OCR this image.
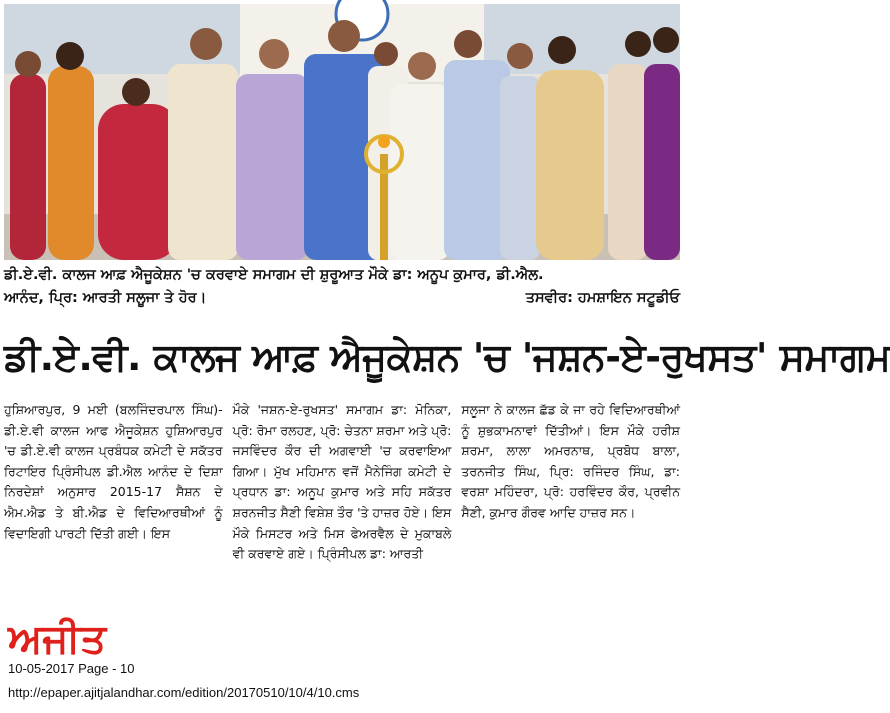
ਡੀ.ਏ.ਵੀ. ਕਾਲਜ ਆਫ਼ ਐਜੂਕੇਸ਼ਨ 'ਚ ਕਰਵਾਏ ਸਮਾਗਮ ਦੀ ਸ਼ੁਰੂਆਤ ਮੌਕੇ ਡਾ: ਅਨੂਪ ਕੁਮਾਰ, ਡੀ.ਐਲ.
ਆਨੰਦ, ਪ੍ਰਿ: ਆਰਤੀ ਸਲੂਜਾ ਤੇ ਹੋਰ।	ਤਸਵੀਰ: ਹਮਸ਼ਾਇਨ ਸਟੂਡੀਓ
ਡੀ.ਏ.ਵੀ. ਕਾਲਜ ਆਫ਼ ਐਜੂਕੇਸ਼ਨ 'ਚ 'ਜਸ਼ਨ-ਏ-ਰੁਖਸਤ' ਸਮਾਗਮ

ਹੁਸ਼ਿਆਰਪੁਰ, 9 ਮਈ (ਬਲਜਿੰਦਰਪਾਲ ਸਿੰਘ)-ਡੀ.ਏ.ਵੀ ਕਾਲਜ ਆਫ ਐਜੂਕੇਸ਼ਨ ਹੁਸ਼ਿਆਰਪੁਰ 'ਚ ਡੀ.ਏ.ਵੀ ਕਾਲਜ ਪ੍ਰਬੰਧਕ ਕਮੇਟੀ ਦੇ ਸਕੱਤਰ ਰਿਟਾਇਰ ਪ੍ਰਿੰਸੀਪਲ ਡੀ.ਐਲ ਆਨੰਦ ਦੇ ਦਿਸ਼ਾ ਨਿਰਦੇਸ਼ਾਂ ਅਨੁਸਾਰ 2015-17 ਸੈਸ਼ਨ ਦੇ ਐਮ.ਐਡ ਤੇ ਬੀ.ਐਡ ਦੇ ਵਿਦਿਆਰਥੀਆਂ ਨੂੰ ਵਿਦਾਇਗੀ ਪਾਰਟੀ ਦਿੱਤੀ ਗਈ। ਇਸ

ਮੌਕੇ 'ਜਸ਼ਨ-ਏ-ਰੁਖਸਤ' ਸਮਾਗਮ ਡਾ: ਮੋਨਿਕਾ, ਪ੍ਰੋ: ਰੋਮਾ ਰਲਹਣ, ਪ੍ਰੋ: ਚੇਤਨਾ ਸ਼ਰਮਾ ਅਤੇ ਪ੍ਰੋ: ਜਸਵਿੰਦਰ ਕੌਰ ਦੀ ਅਗਵਾਈ 'ਚ ਕਰਵਾਇਆ ਗਿਆ। ਮੁੱਖ ਮਹਿਮਾਨ ਵਜੋਂ ਮੈਨੇਜਿੰਗ ਕਮੇਟੀ ਦੇ ਪ੍ਰਧਾਨ ਡਾ: ਅਨੂਪ ਕੁਮਾਰ ਅਤੇ ਸਹਿ ਸਕੱਤਰ ਸ਼ਰਨਜੀਤ ਸੈਣੀ ਵਿਸ਼ੇਸ਼ ਤੌਰ 'ਤੇ ਹਾਜ਼ਰ ਹੋਏ। ਇਸ ਮੌਕੇ ਮਿਸਟਰ ਅਤੇ ਮਿਸ ਫੇਅਰਵੈਲ ਦੇ ਮੁਕਾਬਲੇ ਵੀ ਕਰਵਾਏ ਗਏ। ਪ੍ਰਿੰਸੀਪਲ ਡਾ: ਆਰਤੀ

ਸਲੂਜਾ ਨੇ ਕਾਲਜ ਛੱਡ ਕੇ ਜਾ ਰਹੇ ਵਿਦਿਆਰਥੀਆਂ ਨੂੰ ਸ਼ੁਭਕਾਮਨਾਵਾਂ ਦਿੱਤੀਆਂ। ਇਸ ਮੌਕੇ ਹਰੀਸ਼ ਸ਼ਰਮਾ, ਲਾਲਾ ਅਮਰਨਾਥ, ਪ੍ਰਬੋਧ ਬਾਲਾ, ਤਰਨਜੀਤ ਸਿੰਘ, ਪ੍ਰਿ: ਰਜਿੰਦਰ ਸਿੰਘ, ਡਾ: ਵਰਸ਼ਾ ਮਹਿੰਦਰਾ, ਪ੍ਰੋ: ਹਰਵਿੰਦਰ ਕੌਰ, ਪ੍ਰਵੀਨ ਸੈਣੀ, ਕੁਮਾਰ ਗੌਰਵ ਆਦਿ ਹਾਜ਼ਰ ਸਨ।

ਅਜੀਤ
10-05-2017 Page - 10
http://epaper.ajitjalandhar.com/edition/20170510/10/4/10.cms
